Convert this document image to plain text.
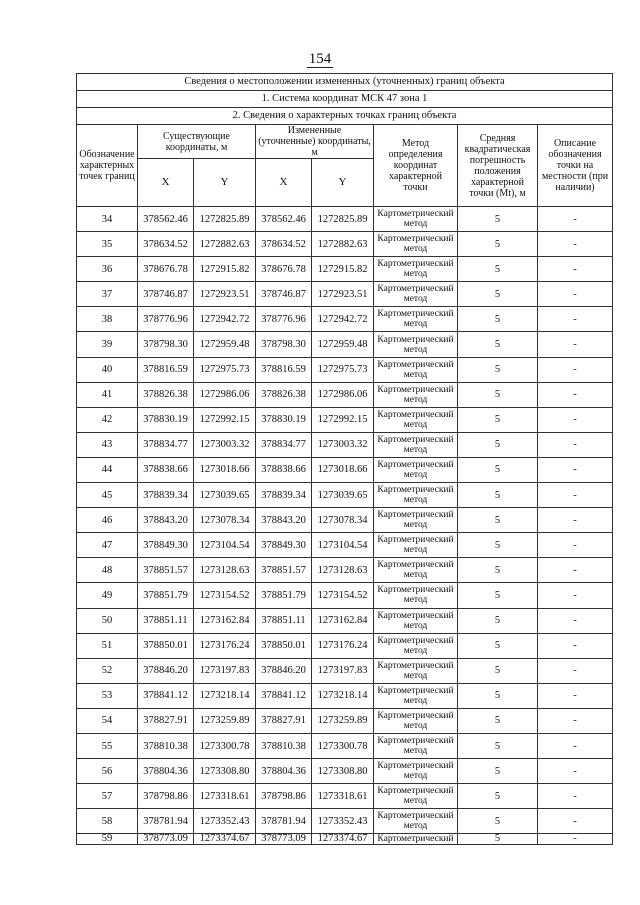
154
Сведения о местоположении измененных (уточненных) границ объекта							
1. Система координат МСК 47 зона 1							
2. Сведения о характерных точках границ объекта							
Обозначение характерных точек границ	Существующие координаты, м		Измененные (уточненные) координаты, м		Метод определения координат характерной точки	Средняя квадратическая погрешность положения характерной точки (Mt), м	Описание обозначения точки на местности (при наличии)
	X	Y	X	Y			
34	378562.46	1272825.89	378562.46	1272825.89	Картометрический метод	5	-
35	378634.52	1272882.63	378634.52	1272882.63	Картометрический метод	5	-
36	378676.78	1272915.82	378676.78	1272915.82	Картометрический метод	5	-
37	378746.87	1272923.51	378746.87	1272923.51	Картометрический метод	5	-
38	378776.96	1272942.72	378776.96	1272942.72	Картометрический метод	5	-
39	378798.30	1272959.48	378798.30	1272959.48	Картометрический метод	5	-
40	378816.59	1272975.73	378816.59	1272975.73	Картометрический метод	5	-
41	378826.38	1272986.06	378826.38	1272986.06	Картометрический метод	5	-
42	378830.19	1272992.15	378830.19	1272992.15	Картометрический метод	5	-
43	378834.77	1273003.32	378834.77	1273003.32	Картометрический метод	5	-
44	378838.66	1273018.66	378838.66	1273018.66	Картометрический метод	5	-
45	378839.34	1273039.65	378839.34	1273039.65	Картометрический метод	5	-
46	378843.20	1273078.34	378843.20	1273078.34	Картометрический метод	5	-
47	378849.30	1273104.54	378849.30	1273104.54	Картометрический метод	5	-
48	378851.57	1273128.63	378851.57	1273128.63	Картометрический метод	5	-
49	378851.79	1273154.52	378851.79	1273154.52	Картометрический метод	5	-
50	378851.11	1273162.84	378851.11	1273162.84	Картометрический метод	5	-
51	378850.01	1273176.24	378850.01	1273176.24	Картометрический метод	5	-
52	378846.20	1273197.83	378846.20	1273197.83	Картометрический метод	5	-
53	378841.12	1273218.14	378841.12	1273218.14	Картометрический метод	5	-
54	378827.91	1273259.89	378827.91	1273259.89	Картометрический метод	5	-
55	378810.38	1273300.78	378810.38	1273300.78	Картометрический метод	5	-
56	378804.36	1273308.80	378804.36	1273308.80	Картометрический метод	5	-
57	378798.86	1273318.61	378798.86	1273318.61	Картометрический метод	5	-
58	378781.94	1273352.43	378781.94	1273352.43	Картометрический метод	5	-
59	378773.09	1273374.67	378773.09	1273374.67	Картометрический	5	-
